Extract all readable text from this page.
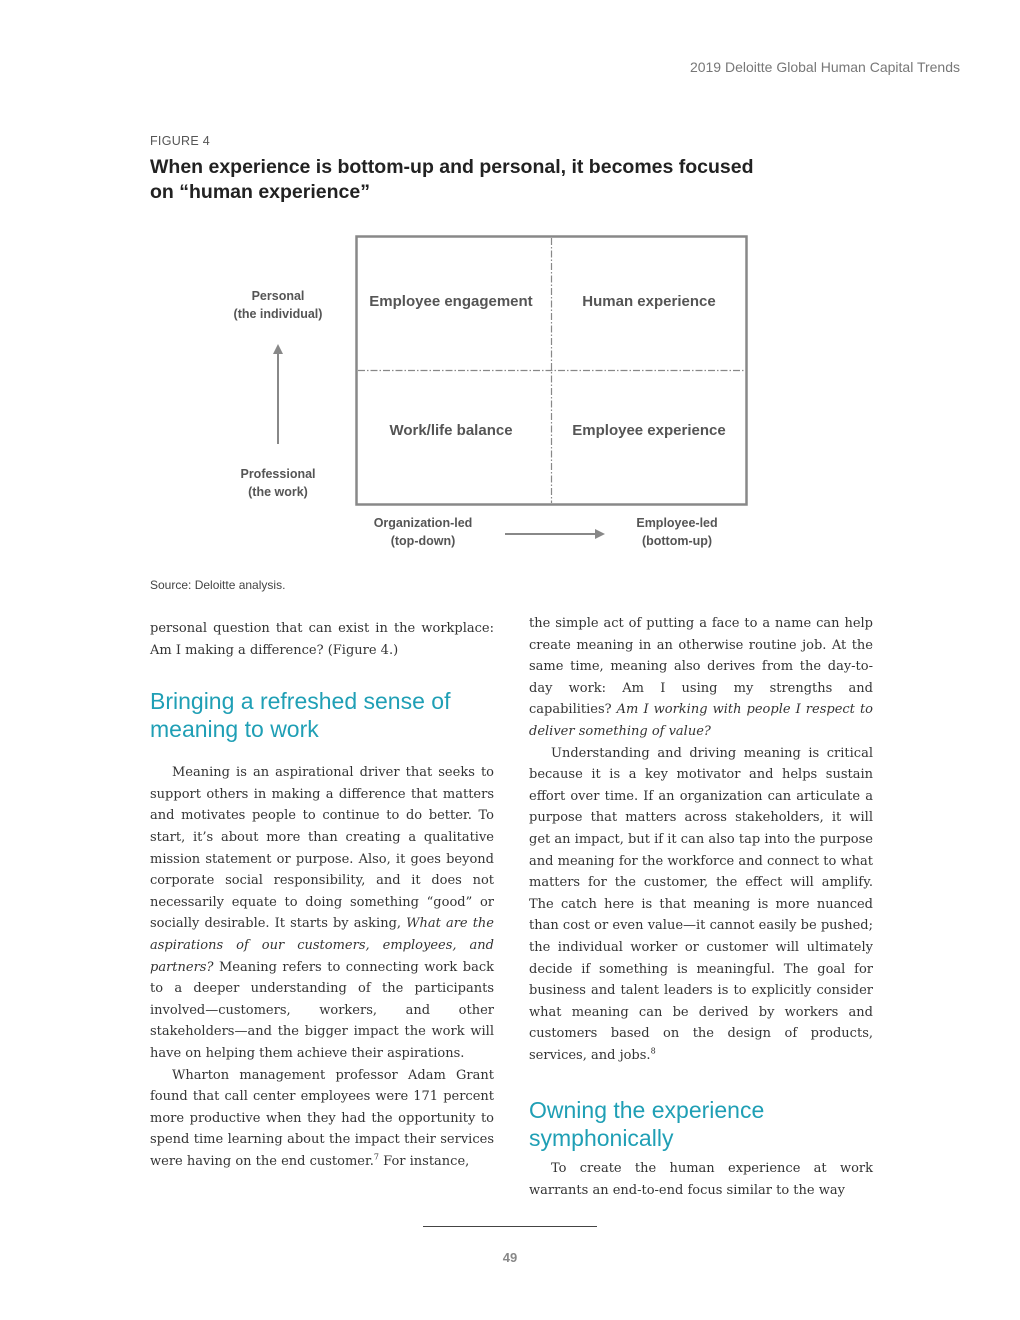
2019 Deloitte Global Human Capital Trends
FIGURE 4
When experience is bottom-up and personal, it becomes focused on “human experience”
Employee engagement	Human experience
Work/life balance	Employee experience
Personal
(the individual)
Professional
(the work)
Organization-led
(top-down)
Employee-led
(bottom-up)
Source: Deloitte analysis.

personal question that can exist in the workplace: Am I making a difference? (Figure 4.)

Bringing a refreshed sense of meaning to work

Meaning is an aspirational driver that seeks to support others in making a difference that matters and motivates people to continue to do better. To start, it’s about more than creating a qualitative mission statement or purpose. Also, it goes beyond corporate social responsibility, and it does not necessarily equate to doing something “good” or socially desirable. It starts by asking, What are the aspirations of our customers, employees, and partners? Meaning refers to connecting work back to a deeper understanding of the participants involved—customers, workers, and other stakeholders—and the bigger impact the work will have on helping them achieve their aspirations.

Wharton management professor Adam Grant found that call center employees were 171 percent more productive when they had the opportunity to spend time learning about the impact their services were having on the end customer.$^7$ For instance,

the simple act of putting a face to a name can help create meaning in an otherwise routine job. At the same time, meaning also derives from the day-to-day work: Am I using my strengths and capabilities? Am I working with people I respect to deliver something of value?

Understanding and driving meaning is critical because it is a key motivator and helps sustain effort over time. If an organization can articulate a purpose that matters across stakeholders, it will get an impact, but if it can also tap into the purpose and meaning for the workforce and connect to what matters for the customer, the effect will amplify. The catch here is that meaning is more nuanced than cost or even value—it cannot easily be pushed; the individual worker or customer will ultimately decide if something is meaningful. The goal for business and talent leaders is to explicitly consider what meaning can be derived by workers and customers based on the design of products, services, and jobs.$^8$

Owning the experience symphonically

To create the human experience at work warrants an end-to-end focus similar to the way

49
